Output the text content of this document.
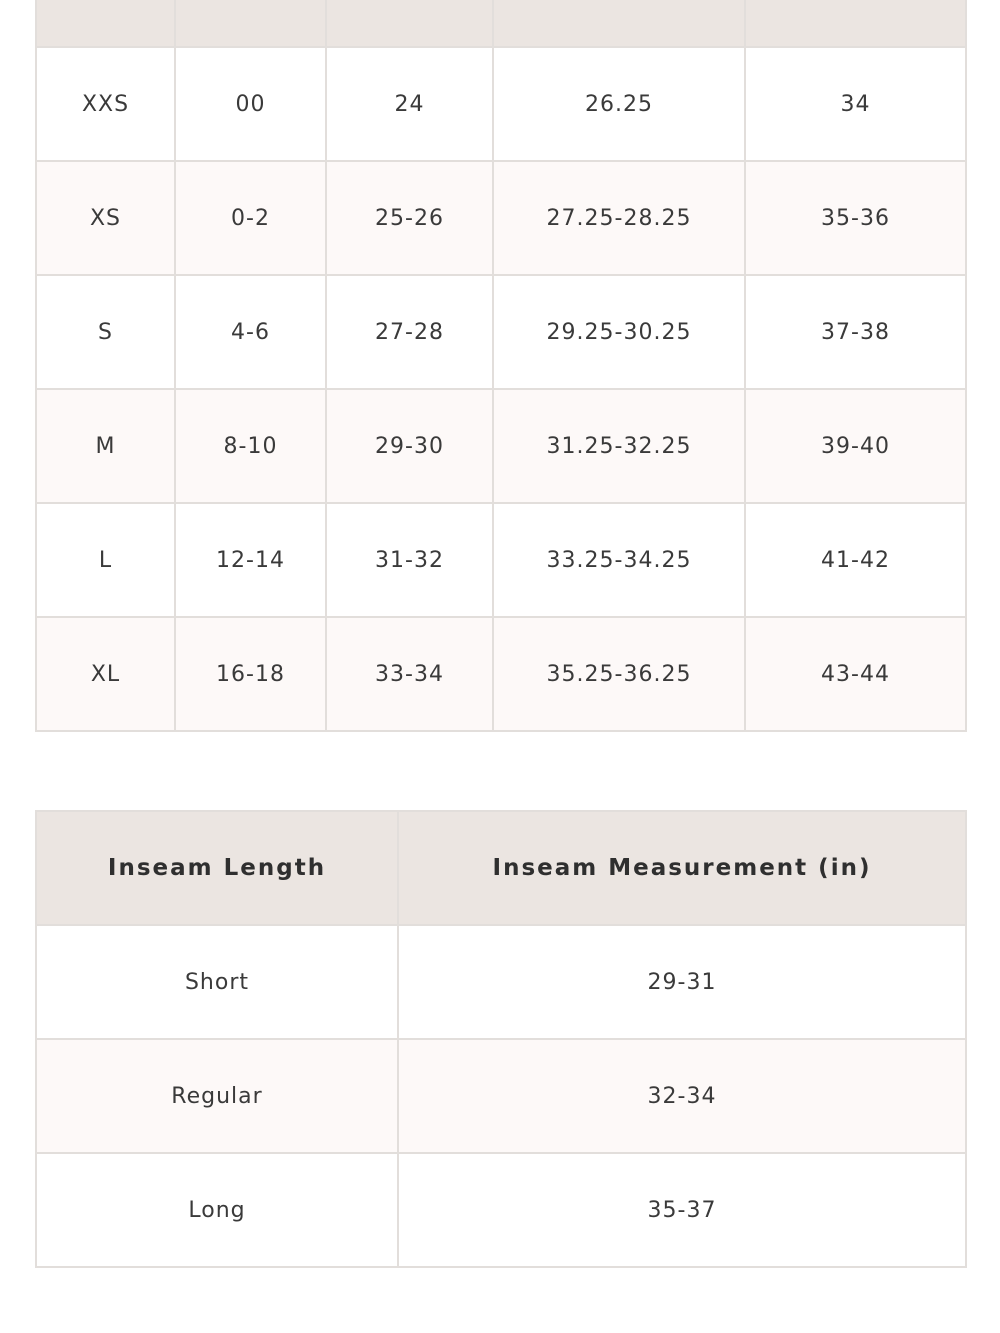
XXS	00	24	26.25	34
XS	0-2	25-26	27.25-28.25	35-36
S	4-6	27-28	29.25-30.25	37-38
M	8-10	29-30	31.25-32.25	39-40
L	12-14	31-32	33.25-34.25	41-42
XL	16-18	33-34	35.25-36.25	43-44
Inseam Length	Inseam Measurement (in)
Short	29-31
Regular	32-34
Long	35-37
